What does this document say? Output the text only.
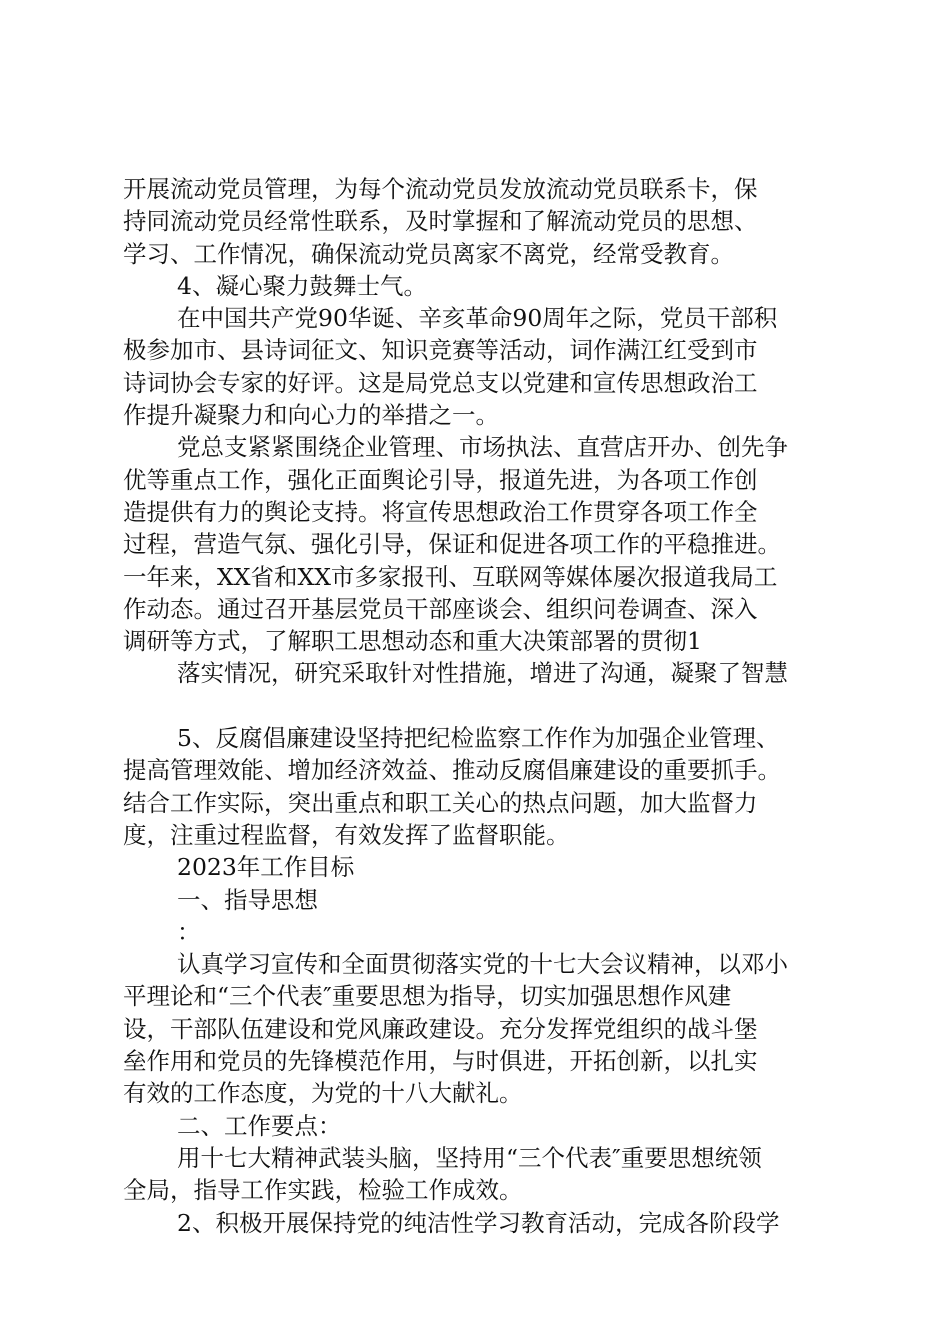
开展流动党员管理，为每个流动党员发放流动党员联系卡，保
持同流动党员经常性联系，及时掌握和了解流动党员的思想、
学习、工作情况，确保流动党员离家不离党，经常受教育。
4、凝心聚力鼓舞士气。
在中国共产党90华诞、辛亥革命90周年之际，党员干部积
极参加市、县诗词征文、知识竞赛等活动，词作满江红受到市
诗词协会专家的好评。这是局党总支以党建和宣传思想政治工
作提升凝聚力和向心力的举措之一。
党总支紧紧围绕企业管理、市场执法、直营店开办、创先争
优等重点工作，强化正面舆论引导，报道先进，为各项工作创
造提供有力的舆论支持。将宣传思想政治工作贯穿各项工作全
过程，营造气氛、强化引导，保证和促进各项工作的平稳推进。
一年来，XX省和XX市多家报刊、互联网等媒体屡次报道我局工
作动态。通过召开基层党员干部座谈会、组织问卷调查、深入
调研等方式，了解职工思想动态和重大决策部署的贯彻1
落实情况，研究采取针对性措施，增进了沟通，凝聚了智慧
5、反腐倡廉建设坚持把纪检监察工作作为加强企业管理、
提高管理效能、增加经济效益、推动反腐倡廉建设的重要抓手。
结合工作实际，突出重点和职工关心的热点问题，加大监督力
度，注重过程监督，有效发挥了监督职能。
2023年工作目标
一、指导思想
：
认真学习宣传和全面贯彻落实党的十七大会议精神，以邓小
平理论和“三个代表″重要思想为指导，切实加强思想作风建
设，干部队伍建设和党风廉政建设。充分发挥党组织的战斗堡
垒作用和党员的先锋模范作用，与时俱进，开拓创新，以扎实
有效的工作态度，为党的十八大献礼。
二、工作要点：
用十七大精神武装头脑，坚持用“三个代表″重要思想统领
全局，指导工作实践，检验工作成效。
2、积极开展保持党的纯洁性学习教育活动，完成各阶段学
